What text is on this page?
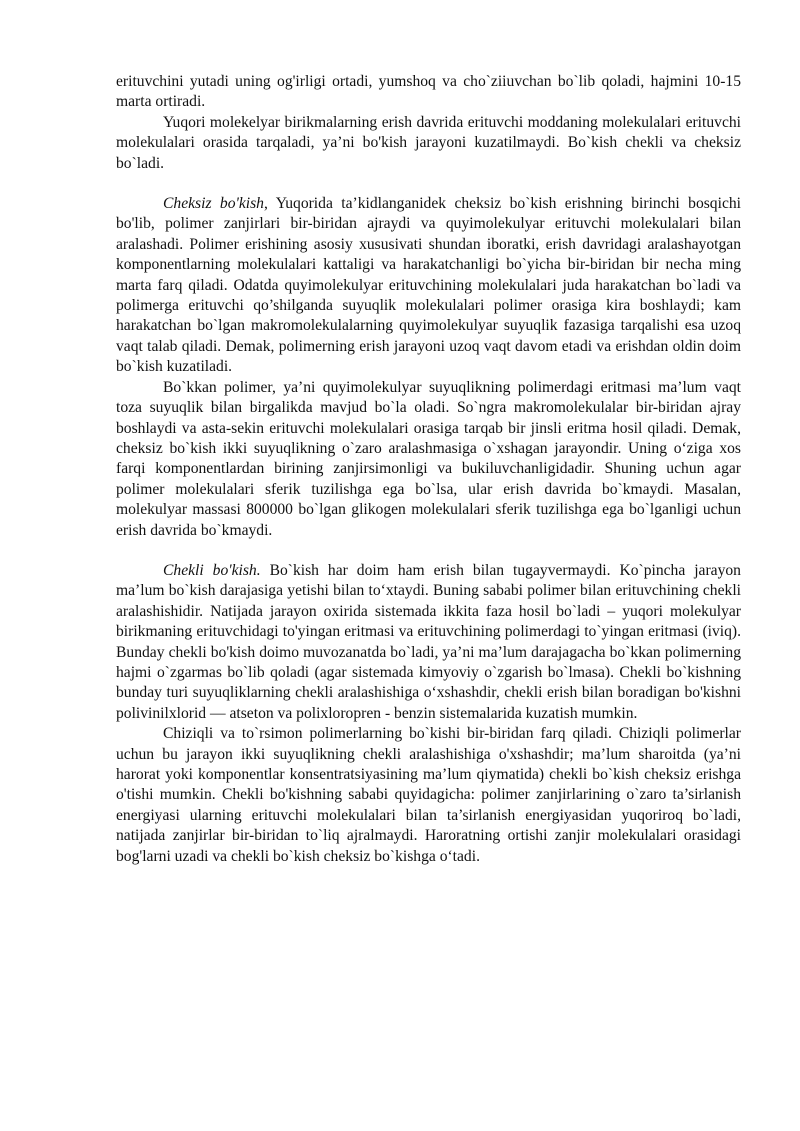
erituvchini yutadi uning og'irligi ortadi, yumshoq va cho`ziiuvchan bo`lib qoladi, hajmini 10-15 marta ortiradi.

Yuqori molekelyar birikmalarning erish davrida erituvchi moddaning molekulalari erituvchi molekulalari orasida tarqaladi, ya’ni bo'kish jarayoni kuzatilmaydi. Bo`kish chekli va cheksiz bo`ladi.

Cheksiz bo'kish, Yuqorida ta’kidlanganidek cheksiz bo`kish erishning birinchi bosqichi bo'lib, polimer zanjirlari bir-biridan ajraydi va quyimolekulyar erituvchi molekulalari bilan aralashadi. Polimer erishining asosiy xususivati shundan iboratki, erish davridagi aralashayotgan komponentlarning molekulalari kattaligi va harakatchanligi bo`yicha bir-biridan bir necha ming marta farq qiladi. Odatda quyimolekulyar erituvchining molekulalari juda harakatchan bo`ladi va polimerga erituvchi qo’shilganda suyuqlik molekulalari polimer orasiga kira boshlaydi; kam harakatchan bo`lgan makromolekulalarning quyimolekulyar suyuqlik fazasiga tarqalishi esa uzoq vaqt talab qiladi. Demak, polimerning erish jarayoni uzoq vaqt davom etadi va erishdan oldin doim bo`kish kuzatiladi.

Bo`kkan polimer, ya’ni quyimolekulyar suyuqlikning polimerdagi eritmasi ma’lum vaqt toza suyuqlik bilan birgalikda mavjud bo`la oladi. So`ngra makromolekulalar bir-biridan ajray boshlaydi va asta-sekin erituvchi molekulalari orasiga tarqab bir jinsli eritma hosil qiladi. Demak, cheksiz bo`kish ikki suyuqlikning o`zaro aralashmasiga o`xshagan jarayondir. Uning o‘ziga xos farqi komponentlardan birining zanjirsimonligi va bukiluvchanligidadir. Shuning uchun agar polimer molekulalari sferik tuzilishga ega bo`lsa, ular erish davrida bo`kmaydi. Masalan, molekulyar massasi 800000 bo`lgan glikogen molekulalari sferik tuzilishga ega bo`lganligi uchun erish davrida bo`kmaydi.

Chekli bo'kish. Bo`kish har doim ham erish bilan tugayvermaydi. Ko`pincha jarayon ma’lum bo`kish darajasiga yetishi bilan to‘xtaydi. Buning sababi polimer bilan erituvchining chekli aralashishidir. Natijada jarayon oxirida sistemada ikkita faza hosil bo`ladi – yuqori molekulyar birikmaning erituvchidagi to'yingan eritmasi va erituvchining polimerdagi to`yingan eritmasi (iviq). Bunday chekli bo'kish doimo muvozanatda bo`ladi, ya’ni ma’lum darajagacha bo`kkan polimerning hajmi o`zgarmas bo`lib qoladi (agar sistemada kimyoviy o`zgarish bo`lmasa). Chekli bo`kishning bunday turi suyuqliklarning chekli aralashishiga o‘xshashdir, chekli erish bilan boradigan bo'kishni polivinilxlorid — atseton va polixloropren - benzin sistemalarida kuzatish mumkin.

Chiziqli va to`rsimon polimerlarning bo`kishi bir-biridan farq qiladi. Chiziqli polimerlar uchun bu jarayon ikki suyuqlikning chekli aralashishiga o'xshashdir; ma’lum sharoitda (ya’ni harorat yoki komponentlar konsentratsiyasining ma’lum qiymatida) chekli bo`kish cheksiz erishga o'tishi mumkin. Chekli bo'kishning sababi quyidagicha: polimer zanjirlarining o`zaro ta’sirlanish energiyasi ularning erituvchi molekulalari bilan ta’sirlanish energiyasidan yuqoriroq bo`ladi, natijada zanjirlar bir-biridan to`liq ajralmaydi. Haroratning ortishi zanjir molekulalari orasidagi bog'larni uzadi va chekli bo`kish cheksiz bo`kishga o‘tadi.
